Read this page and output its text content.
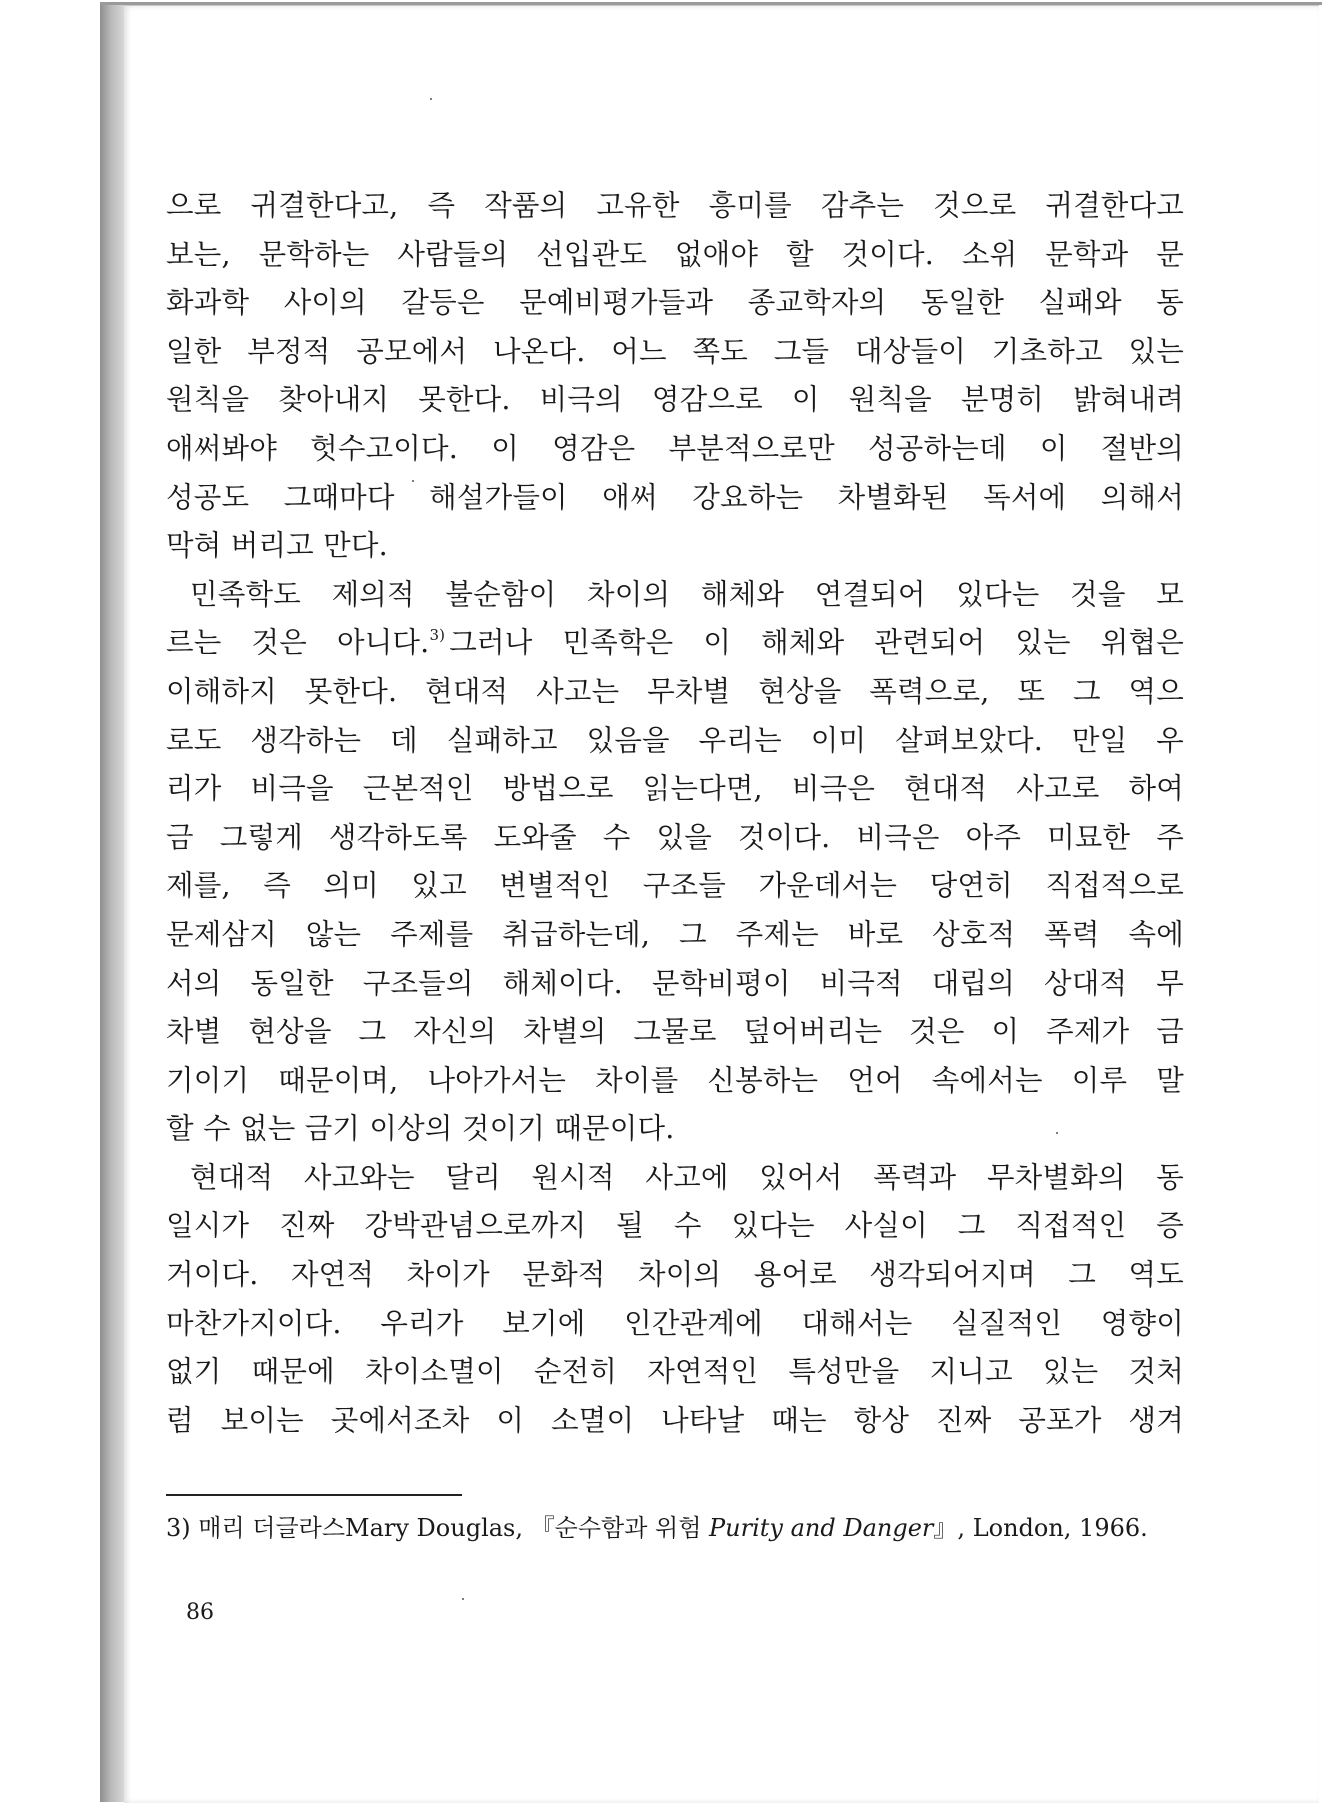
으로 귀결한다고, 즉 작품의 고유한 흥미를 감추는 것으로 귀결한다고
보는, 문학하는 사람들의 선입관도 없애야 할 것이다. 소위 문학과 문
화과학 사이의 갈등은 문예비평가들과 종교학자의 동일한 실패와 동
일한 부정적 공모에서 나온다. 어느 쪽도 그들 대상들이 기초하고 있는
원칙을 찾아내지 못한다. 비극의 영감으로 이 원칙을 분명히 밝혀내려
애써봐야 헛수고이다. 이 영감은 부분적으로만 성공하는데 이 절반의
성공도 그때마다 해설가들이 애써 강요하는 차별화된 독서에 의해서
막혀 버리고 만다.
민족학도 제의적 불순함이 차이의 해체와 연결되어 있다는 것을 모
르는 것은 아니다.$^{3)}$ 그러나 민족학은 이 해체와 관련되어 있는 위협은
이해하지 못한다. 현대적 사고는 무차별 현상을 폭력으로, 또 그 역으
로도 생각하는 데 실패하고 있음을 우리는 이미 살펴보았다. 만일 우
리가 비극을 근본적인 방법으로 읽는다면, 비극은 현대적 사고로 하여
금 그렇게 생각하도록 도와줄 수 있을 것이다. 비극은 아주 미묘한 주
제를, 즉 의미 있고 변별적인 구조들 가운데서는 당연히 직접적으로
문제삼지 않는 주제를 취급하는데, 그 주제는 바로 상호적 폭력 속에
서의 동일한 구조들의 해체이다. 문학비평이 비극적 대립의 상대적 무
차별 현상을 그 자신의 차별의 그물로 덮어버리는 것은 이 주제가 금
기이기 때문이며, 나아가서는 차이를 신봉하는 언어 속에서는 이루 말
할 수 없는 금기 이상의 것이기 때문이다.
현대적 사고와는 달리 원시적 사고에 있어서 폭력과 무차별화의 동
일시가 진짜 강박관념으로까지 될 수 있다는 사실이 그 직접적인 증
거이다. 자연적 차이가 문화적 차이의 용어로 생각되어지며 그 역도
마찬가지이다. 우리가 보기에 인간관계에 대해서는 실질적인 영향이
없기 때문에 차이소멸이 순전히 자연적인 특성만을 지니고 있는 것처
럼 보이는 곳에서조차 이 소멸이 나타날 때는 항상 진짜 공포가 생겨
3) 매리 더글라스Mary Douglas, 『순수함과 위험 Purity and Danger』, London, 1966.
86
